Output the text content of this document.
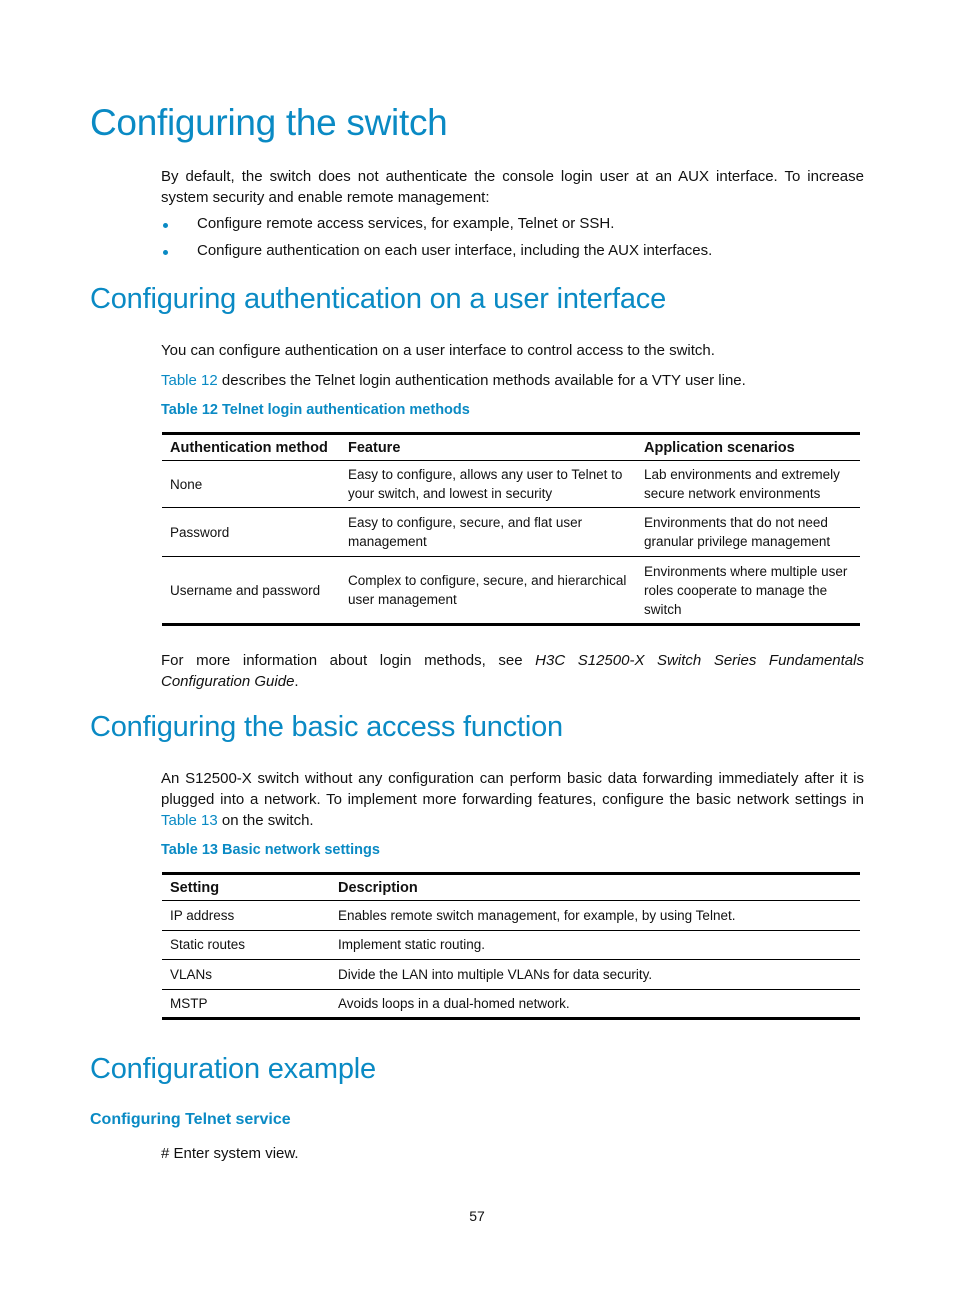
Configuring the switch
By default, the switch does not authenticate the console login user at an AUX interface. To increase system security and enable remote management:
Configure remote access services, for example, Telnet or SSH.
Configure authentication on each user interface, including the AUX interfaces.
Configuring authentication on a user interface
You can configure authentication on a user interface to control access to the switch.
Table 12 describes the Telnet login authentication methods available for a VTY user line.
Table 12 Telnet login authentication methods
Authentication method	Feature	Application scenarios
None	Easy to configure, allows any user to Telnet to your switch, and lowest in security	Lab environments and extremely secure network environments
Password	Easy to configure, secure, and flat user management	Environments that do not need granular privilege management
Username and password	Complex to configure, secure, and hierarchical user management	Environments where multiple user roles cooperate to manage the switch
For more information about login methods, see H3C S12500-X Switch Series Fundamentals Configuration Guide.
Configuring the basic access function
An S12500-X switch without any configuration can perform basic data forwarding immediately after it is plugged into a network. To implement more forwarding features, configure the basic network settings in Table 13 on the switch.
Table 13 Basic network settings
Setting	Description
IP address	Enables remote switch management, for example, by using Telnet.
Static routes	Implement static routing.
VLANs	Divide the LAN into multiple VLANs for data security.
MSTP	Avoids loops in a dual-homed network.
Configuration example
Configuring Telnet service
# Enter system view.
57
